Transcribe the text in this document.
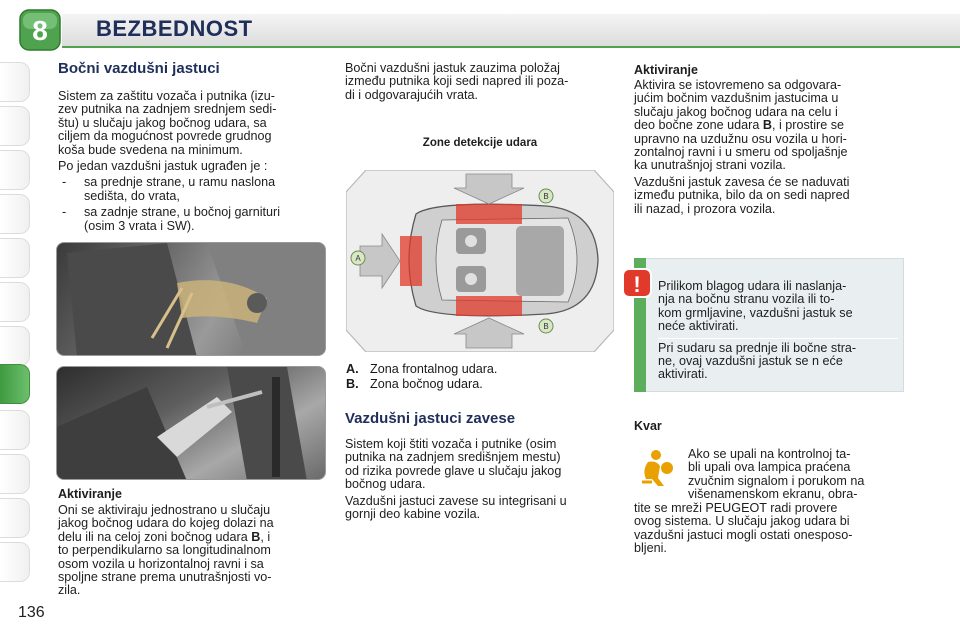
8 BEZBEDNOST
Bočni vazdušni jastuci
Sistem za zaštitu vozača i putnika (izu-
zev putnika na zadnjem srednjem sedi-
štu) u slučaju jakog bočnog udara, sa
ciljem da mogućnost povrede grudnog
koša bude svedena na minimum.
Po jedan vazdušni jastuk ugrađen je :
-	sa prednje strane, u ramu naslona
sedišta, do vrata,
-	sa zadnje strane, u bočnoj garnituri
(osim 3 vrata i SW).
Aktiviranje
Oni se aktiviraju jednostrano u slučaju
jakog bočnog udara do kojeg dolazi na
delu ili na celoj zoni bočnog udara B, i
to perpendikularno sa longitudinalnom
osom vozila u horizontalnoj ravni i sa
spoljne strane prema unutrašnjosti vo-
zila.
Bočni vazdušni jastuk zauzima položaj
između putnika koji sedi napred ili poza-
di i odgovarajućih vrata.
Zone detekcije udara
A
B
B
A. Zona frontalnog udara.
B. Zona bočnog udara.
Vazdušni jastuci zavese
Sistem koji štiti vozača i putnike (osim
putnika na zadnjem središnjem mestu)
od rizika povrede glave u slučaju jakog
bočnog udara.
Vazdušni jastuci zavese su integrisani u
gornji deo kabine vozila.
Aktiviranje
Aktivira se istovremeno sa odgovara-
jućim bočnim vazdušnim jastucima u
slučaju jakog bočnog udara na celu i
deo bočne zone udara B, i prostire se
upravno na uzdužnu osu vozila u hori-
zontalnoj ravni i u smeru od spoljašnje
ka unutrašnjoj strani vozila.
Vazdušni jastuk zavesa će se naduvati
između putnika, bilo da on sedi napred
ili nazad, i prozora vozila.
! Prilikom blagog udara ili naslanja-
nja na bočnu stranu vozila ili to-
kom grmljavine, vazdušni jastuk se
neće aktivirati.
Pri sudaru sa prednje ili bočne stra-
ne, ovaj vazdušni jastuk se n eće
aktivirati.
Kvar
Ako se upali na kontrolnoj ta-
bli upali ova lampica praćena
zvučnim signalom i porukom na
višenamenskom ekranu, obra-
tite se mreži PEUGEOT radi provere
ovog sistema. U slučaju jakog udara bi
vazdušni jastuci mogli ostati onesposo-
bljeni.
136
